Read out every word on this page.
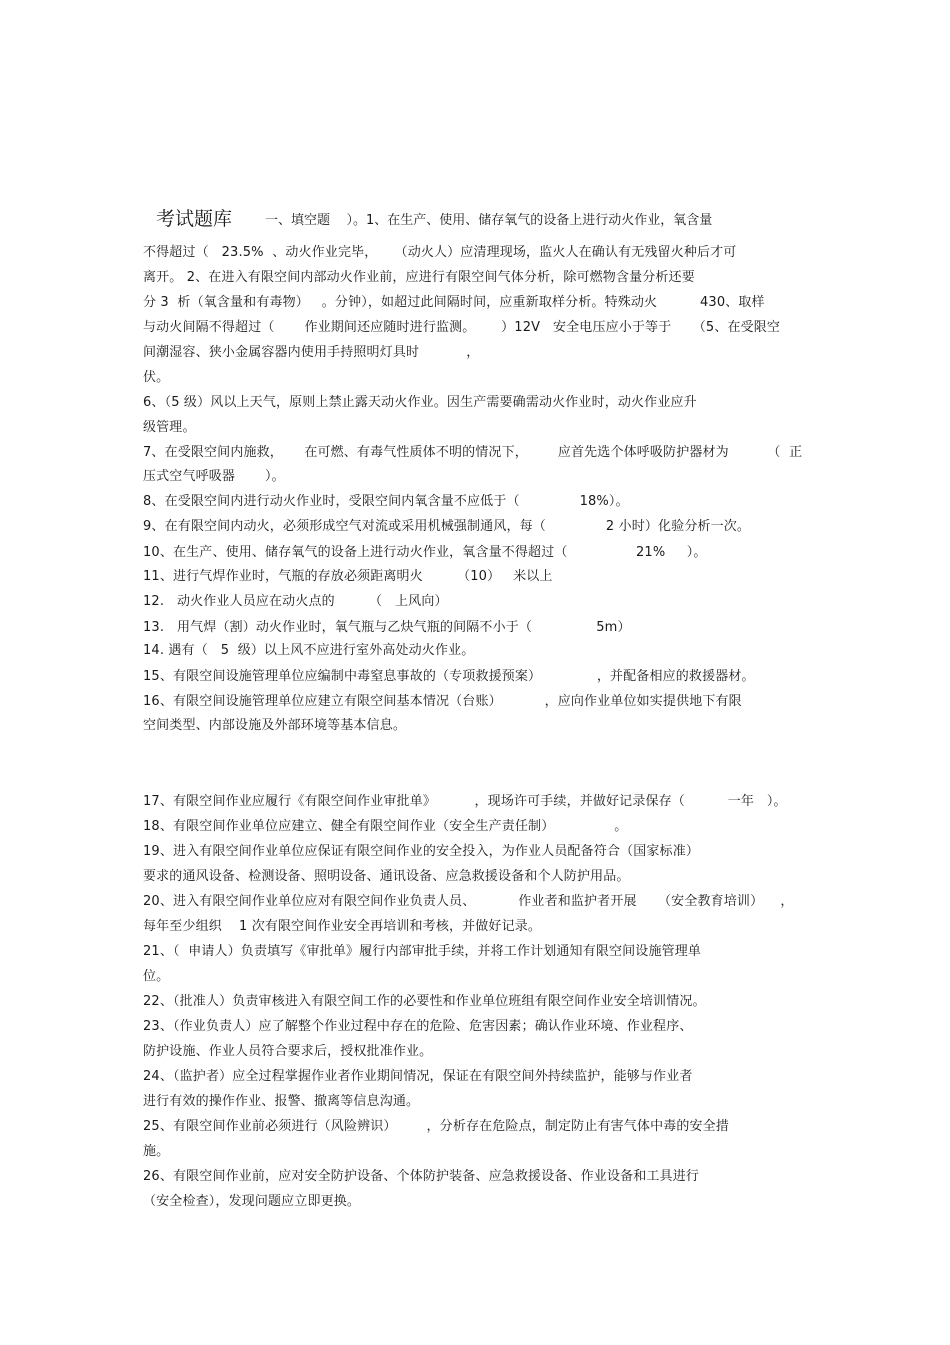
考试题库	一、填空题    ）。1、在生产、使用、储存氧气的设备上进行动火作业，氧含量
不得超过（   23.5%  、动火作业完毕，    （动火人）应清理现场，监火人在确认有无残留火种后才可
离开。 2、在进入有限空间内部动火作业前，应进行有限空间气体分析，除可燃物含量分析还要
分 3  析（氧含量和有毒物）   。分钟），如超过此间隔时间，应重新取样分析。特殊动火          430、取样
与动火间隔不得超过（       作业期间还应随时进行监测。      ）12V   安全电压应小于等于     （5、在受限空
间潮湿容、狭小金属容器内使用手持照明灯具时           ，
伏。
6、（5 级）风以上天气，原则上禁止露天动火作业。因生产需要确需动火作业时，动火作业应升
级管理。
7、在受限空间内施救，     在可燃、有毒气性质体不明的情况下，       应首先选个体呼吸防护器材为         （  正
压式空气呼吸器       ）。
8、在受限空间内进行动火作业时，受限空间内氧含量不应低于（              18%）。
9、在有限空间内动火，必须形成空气对流或采用机械强制通风，每（              2 小时）化验分析一次。
10、在生产、使用、储存氧气的设备上进行动火作业，氧含量不得超过（                21%     ）。
11、进行气焊作业时，气瓶的存放必须距离明火        （10）   米以上
12.   动火作业人员应在动火点的        （   上风向）
13.   用气焊（割）动火作业时，氧气瓶与乙炔气瓶的间隔不小于（               5m）
14. 遇有（   5  级）以上风不应进行室外高处动火作业。
15、有限空间设施管理单位应编制中毒窒息事故的（专项救援预案）             ，并配备相应的救援器材。
16、有限空间设施管理单位应建立有限空间基本情况（台账）          ，应向作业单位如实提供地下有限
空间类型、内部设施及外部环境等基本信息。
17、有限空间作业应履行《有限空间作业审批单》         ，现场许可手续，并做好记录保存（          一年   ）。
18、有限空间作业单位应建立、健全有限空间作业（安全生产责任制）              。
19、进入有限空间作业单位应保证有限空间作业的安全投入，为作业人员配备符合（国家标准）
要求的通风设备、检测设备、照明设备、通讯设备、应急救援设备和个人防护用品。
20、进入有限空间作业单位应对有限空间作业负责人员、          作业者和监护者开展     （安全教育培训）    ，
每年至少组织    1 次有限空间作业安全再培训和考核，并做好记录。
21、（  申请人）负责填写《审批单》履行内部审批手续，并将工作计划通知有限空间设施管理单
位。
22、（批准人）负责审核进入有限空间工作的必要性和作业单位班组有限空间作业安全培训情况。
23、（作业负责人）应了解整个作业过程中存在的危险、危害因素；确认作业环境、作业程序、
防护设施、作业人员符合要求后，授权批准作业。
24、（监护者）应全过程掌握作业者作业期间情况，保证在有限空间外持续监护，能够与作业者
进行有效的操作作业、报警、撤离等信息沟通。
25、有限空间作业前必须进行（风险辨识）       ，分析存在危险点，制定防止有害气体中毒的安全措
施。
26、有限空间作业前，应对安全防护设备、个体防护装备、应急救援设备、作业设备和工具进行
（安全检查），发现问题应立即更换。
